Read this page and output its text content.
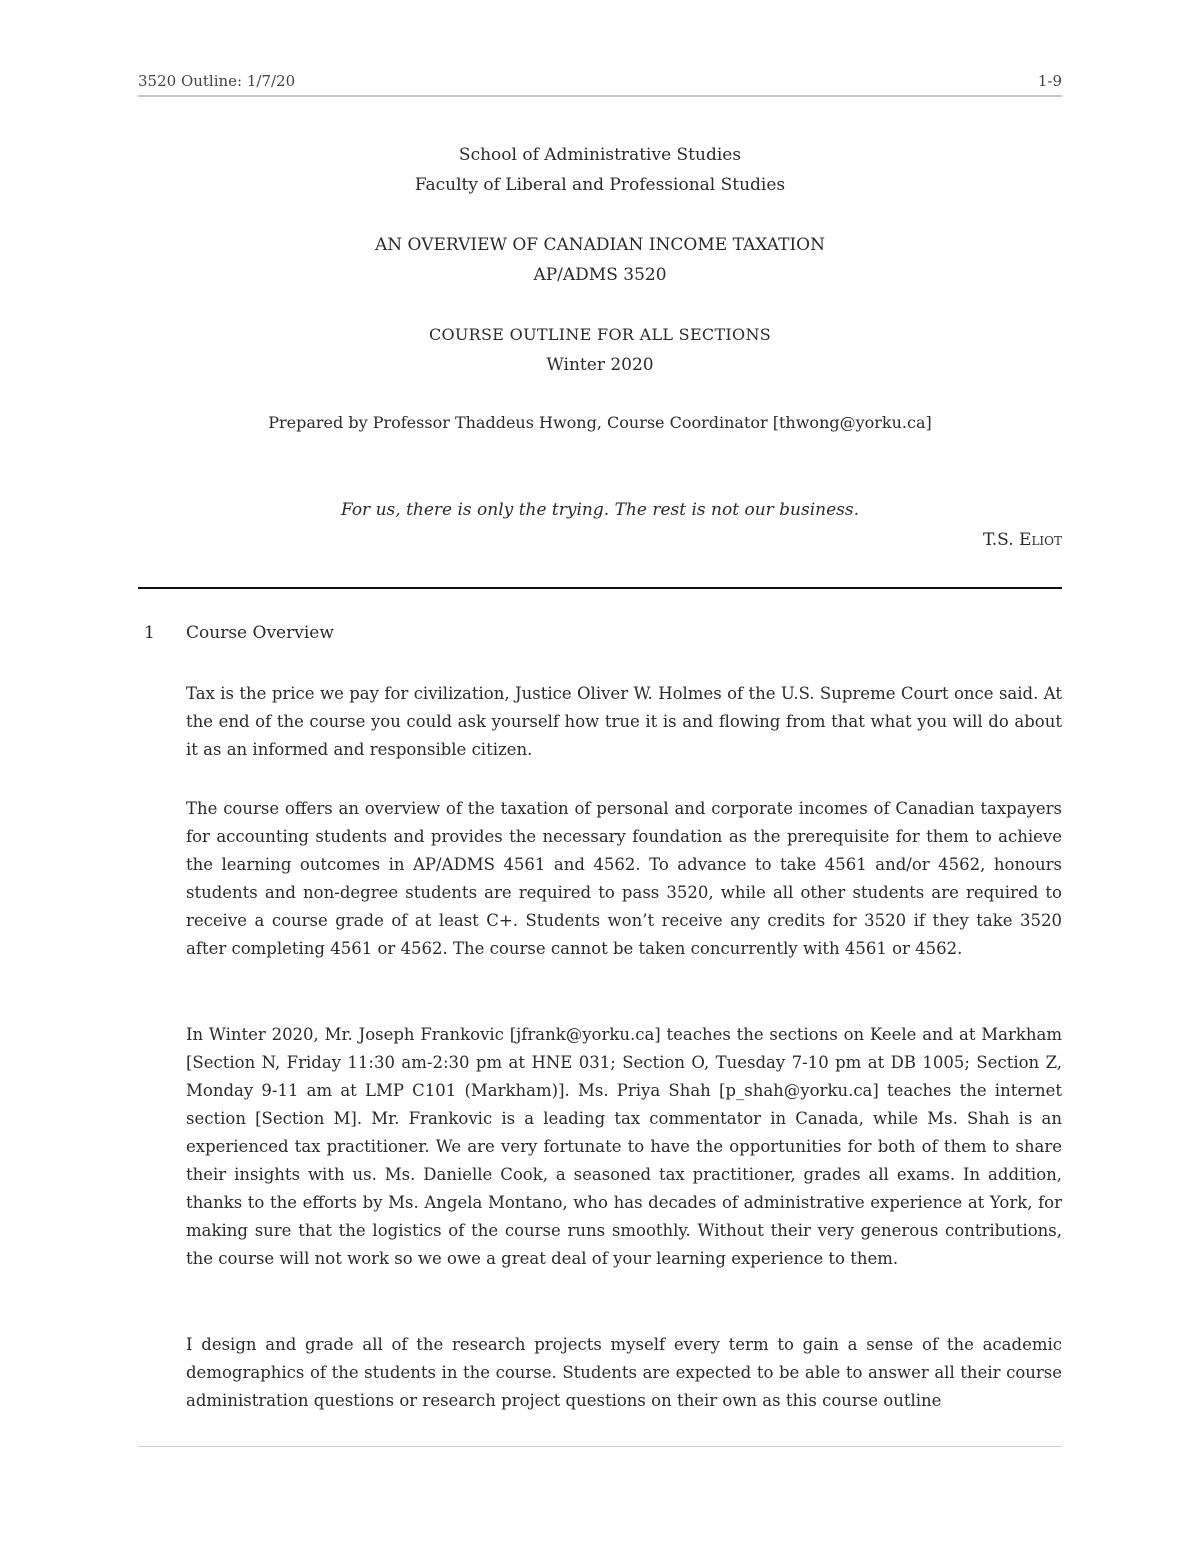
3520 Outline: 1/7/20	1-9
School of Administrative Studies
Faculty of Liberal and Professional Studies
AN OVERVIEW OF CANADIAN INCOME TAXATION
AP/ADMS 3520
COURSE OUTLINE FOR ALL SECTIONS
Winter 2020
Prepared by Professor Thaddeus Hwong, Course Coordinator [thwong@yorku.ca]
For us, there is only the trying. The rest is not our business.
T.S. Eliot
1 Course Overview

Tax is the price we pay for civilization, Justice Oliver W. Holmes of the U.S. Supreme Court once said. At the end of the course you could ask yourself how true it is and flowing from that what you will do about it as an informed and responsible citizen.

The course offers an overview of the taxation of personal and corporate incomes of Canadian taxpayers for accounting students and provides the necessary foundation as the prerequisite for them to achieve the learning outcomes in AP/ADMS 4561 and 4562. To advance to take 4561 and/or 4562, honours students and non-degree students are required to pass 3520, while all other students are required to receive a course grade of at least C+. Students won’t receive any credits for 3520 if they take 3520 after completing 4561 or 4562. The course cannot be taken concurrently with 4561 or 4562.

In Winter 2020, Mr. Joseph Frankovic [jfrank@yorku.ca] teaches the sections on Keele and at Markham [Section N, Friday 11:30 am-2:30 pm at HNE 031; Section O, Tuesday 7-10 pm at DB 1005; Section Z, Monday 9-11 am at LMP C101 (Markham)]. Ms. Priya Shah [p_shah@yorku.ca] teaches the internet section [Section M]. Mr. Frankovic is a leading tax commentator in Canada, while Ms. Shah is an experienced tax practitioner. We are very fortunate to have the opportunities for both of them to share their insights with us. Ms. Danielle Cook, a seasoned tax practitioner, grades all exams. In addition, thanks to the efforts by Ms. Angela Montano, who has decades of administrative experience at York, for making sure that the logistics of the course runs smoothly. Without their very generous contributions, the course will not work so we owe a great deal of your learning experience to them.

I design and grade all of the research projects myself every term to gain a sense of the academic demographics of the students in the course. Students are expected to be able to answer all their course administration questions or research project questions on their own as this course outline
